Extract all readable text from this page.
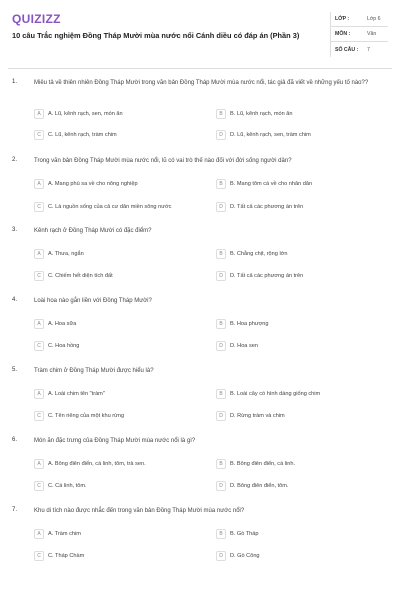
QUIZIZZ
10 câu Trắc nghiệm Đồng Tháp Mười mùa nước nổi Cánh diều có đáp án (Phần 3)
LỚP :	Lớp 6
MÔN :	Văn
SỐ CÂU :	7
1.	Miêu tả về thiên nhiên Đồng Tháp Mười trong văn bản Đồng Tháp Mười mùa nước nổi, tác giả đã viết về những yếu tố nào??
A	A. Lũ, kênh rạch, sen, món ăn	B	B. Lũ, kênh rạch, món ăn
C	C. Lũ, kênh rạch, tràm chim	D	D. Lũ, kênh rạch, sen, tràm chim
2.	Trong văn bản Đồng Tháp Mười mùa nước nổi, lũ có vai trò thế nào đối với đời sống người dân?
A	A. Mang phù sa về cho nông nghiệp	B	B. Mang tôm cá về cho nhân dân
C	C. Là nguồn sống của cả cư dân miền sông nước	D	D. Tất cả các phương án trên
3.	Kênh rạch ở Đồng Tháp Mười có đặc điểm?
A	A. Thưa, ngắn	B	B. Chằng chịt, rộng lớn
C	C. Chiếm hết diện tích đất	D	D. Tất cả các phương án trên
4.	Loài hoa nào gắn liền với Đồng Tháp Mười?
A	A. Hoa sữa	B	B. Hoa phượng
C	C. Hoa hồng	D	D. Hoa sen
5.	Tràm chim ở Đồng Tháp Mười được hiểu là?
A	A. Loài chim tên "tràm"	B	B. Loài cây có hình dáng giống chim
C	C. Tên riêng của một khu rừng	D	D. Rừng tràm và chim
6.	Món ăn đặc trưng của Đồng Tháp Mười mùa nước nổi là gì?
A	A. Bông điên điển, cá linh, tôm, trà sen.	B	B. Bông điên điển, cá linh.
C	C. Cá linh, tôm.	D	D. Bông điên điển, tôm.
7.	Khu di tích nào được nhắc đến trong văn bản Đồng Tháp Mười mùa nước nổi?
A	A. Tràm chim	B	B. Gò Tháp
C	C. Tháp Chàm	D	D. Gò Công
